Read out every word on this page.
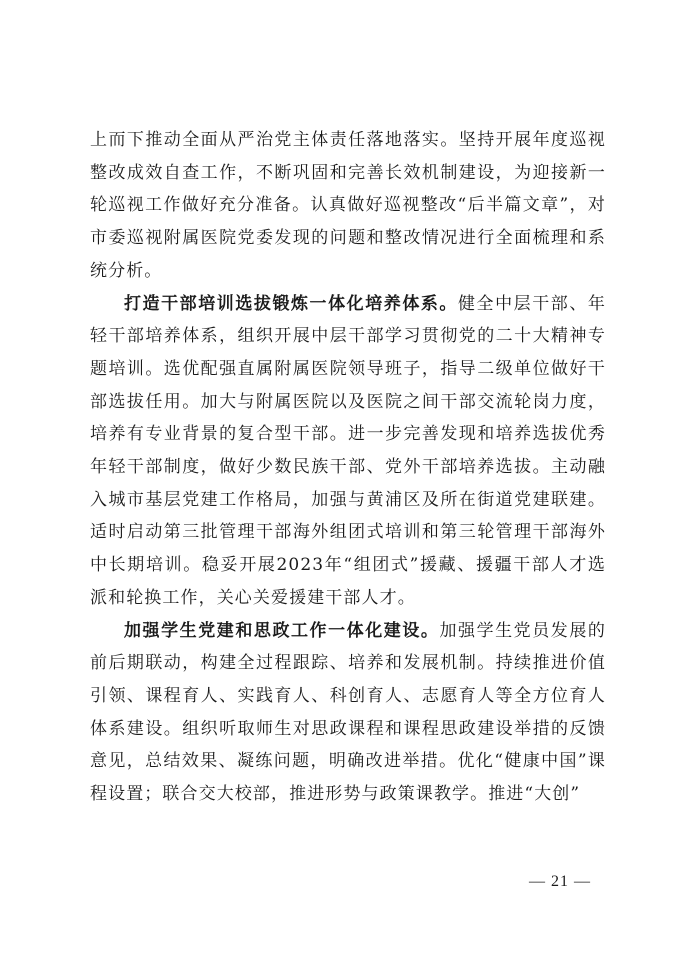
上而下推动全面从严治党主体责任落地落实。坚持开展年度巡视整改成效自查工作，不断巩固和完善长效机制建设，为迎接新一轮巡视工作做好充分准备。认真做好巡视整改“后半篇文章”，对市委巡视附属医院党委发现的问题和整改情况进行全面梳理和系统分析。

打造干部培训选拔锻炼一体化培养体系。健全中层干部、年轻干部培养体系，组织开展中层干部学习贯彻党的二十大精神专题培训。选优配强直属附属医院领导班子，指导二级单位做好干部选拔任用。加大与附属医院以及医院之间干部交流轮岗力度，培养有专业背景的复合型干部。进一步完善发现和培养选拔优秀年轻干部制度，做好少数民族干部、党外干部培养选拔。主动融入城市基层党建工作格局，加强与黄浦区及所在街道党建联建。适时启动第三批管理干部海外组团式培训和第三轮管理干部海外中长期培训。稳妥开展2023年“组团式”援藏、援疆干部人才选派和轮换工作，关心关爱援建干部人才。

加强学生党建和思政工作一体化建设。加强学生党员发展的前后期联动，构建全过程跟踪、培养和发展机制。持续推进价值引领、课程育人、实践育人、科创育人、志愿育人等全方位育人体系建设。组织听取师生对思政课程和课程思政建设举措的反馈意见，总结效果、凝练问题，明确改进举措。优化“健康中国”课程设置；联合交大校部，推进形势与政策课教学。推进“大创”

— 21 —
